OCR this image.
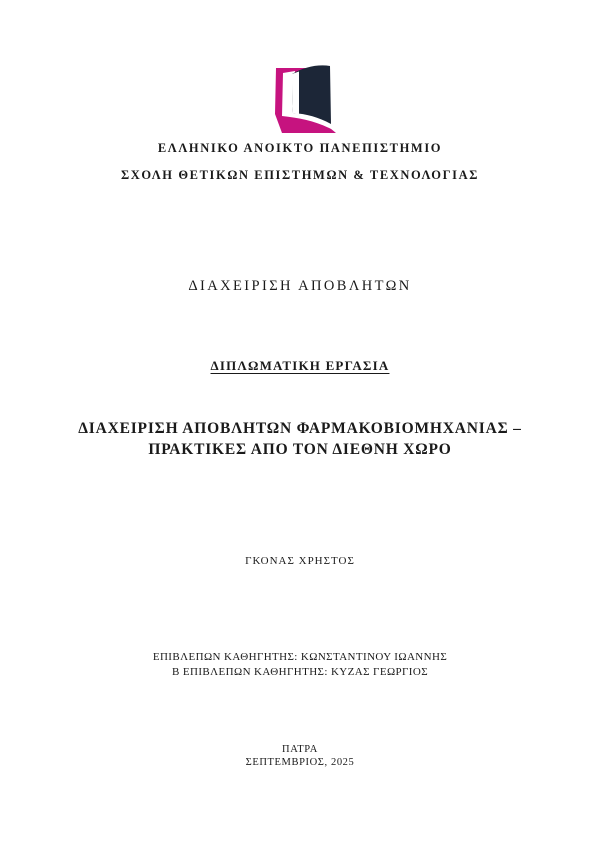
ΕΛΛΗΝΙΚΟ ΑΝΟΙΚΤΟ ΠΑΝΕΠΙΣΤΗΜΙΟ
ΣΧΟΛΗ ΘΕΤΙΚΩΝ ΕΠΙΣΤΗΜΩΝ & ΤΕΧΝΟΛΟΓΙΑΣ
ΔΙΑΧΕΙΡΙΣΗ ΑΠΟΒΛΗΤΩΝ
ΔΙΠΛΩΜΑΤΙΚΗ ΕΡΓΑΣΙΑ
ΔΙΑΧΕΙΡΙΣΗ ΑΠΟΒΛΗΤΩΝ ΦΑΡΜΑΚΟΒΙΟΜΗΧΑΝΙΑΣ –
ΠΡΑΚΤΙΚΕΣ ΑΠΟ ΤΟΝ ΔΙΕΘΝΗ ΧΩΡΟ
ΓΚΟΝΑΣ ΧΡΗΣΤΟΣ
ΕΠΙΒΛΕΠΩΝ ΚΑΘΗΓΗΤΗΣ: ΚΩΝΣΤΑΝΤΙΝΟΥ ΙΩΑΝΝΗΣ
Β ΕΠΙΒΛΕΠΩΝ ΚΑΘΗΓΗΤΗΣ: ΚΥΖΑΣ ΓΕΩΡΓΙΟΣ
ΠΑΤΡΑ
ΣΕΠΤΕΜΒΡΙΟΣ, 2025
